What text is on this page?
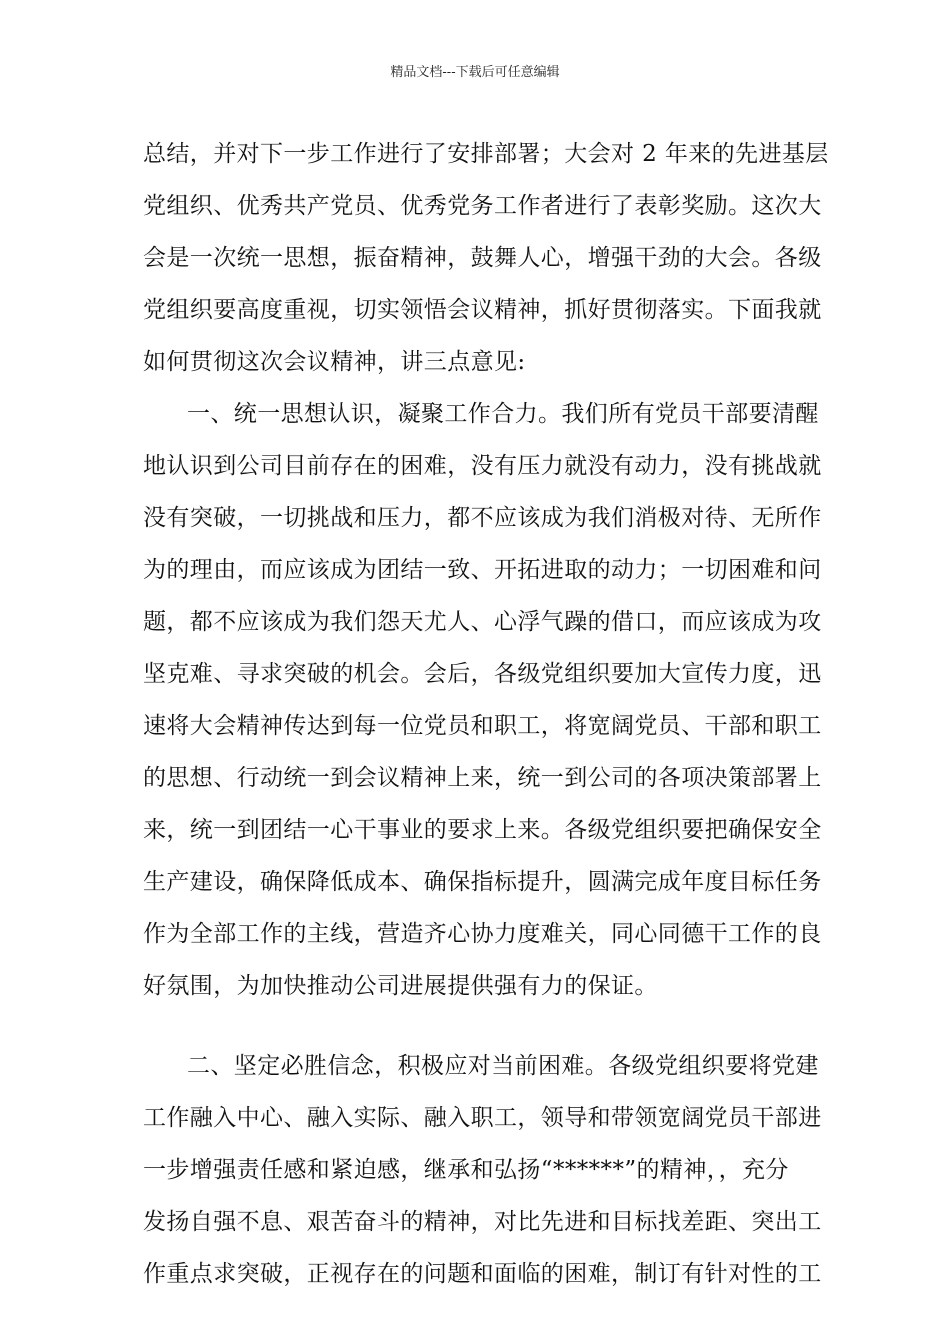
精品文档---下载后可任意编辑
总结，并对下一步工作进行了安排部署；大会对 2 年来的先进基层
党组织、优秀共产党员、优秀党务工作者进行了表彰奖励。这次大
会是一次统一思想，振奋精神，鼓舞人心，增强干劲的大会。各级
党组织要高度重视，切实领悟会议精神，抓好贯彻落实。下面我就
如何贯彻这次会议精神，讲三点意见:
一、统一思想认识，凝聚工作合力。我们所有党员干部要清醒
地认识到公司目前存在的困难，没有压力就没有动力，没有挑战就
没有突破，一切挑战和压力，都不应该成为我们消极对待、无所作
为的理由，而应该成为团结一致、开拓进取的动力；一切困难和问
题，都不应该成为我们怨天尤人、心浮气躁的借口，而应该成为攻
坚克难、寻求突破的机会。会后，各级党组织要加大宣传力度，迅
速将大会精神传达到每一位党员和职工，将宽阔党员、干部和职工
的思想、行动统一到会议精神上来，统一到公司的各项决策部署上
来，统一到团结一心干事业的要求上来。各级党组织要把确保安全
生产建设，确保降低成本、确保指标提升，圆满完成年度目标任务
作为全部工作的主线，营造齐心协力度难关，同心同德干工作的良
好氛围，为加快推动公司进展提供强有力的保证。
二、坚定必胜信念，积极应对当前困难。各级党组织要将党建
工作融入中心、融入实际、融入职工，领导和带领宽阔党员干部进
一步增强责任感和紧迫感，继承和弘扬“******”的精神，，充分
发扬自强不息、艰苦奋斗的精神，对比先进和目标找差距、突出工
作重点求突破，正视存在的问题和面临的困难，制订有针对性的工
